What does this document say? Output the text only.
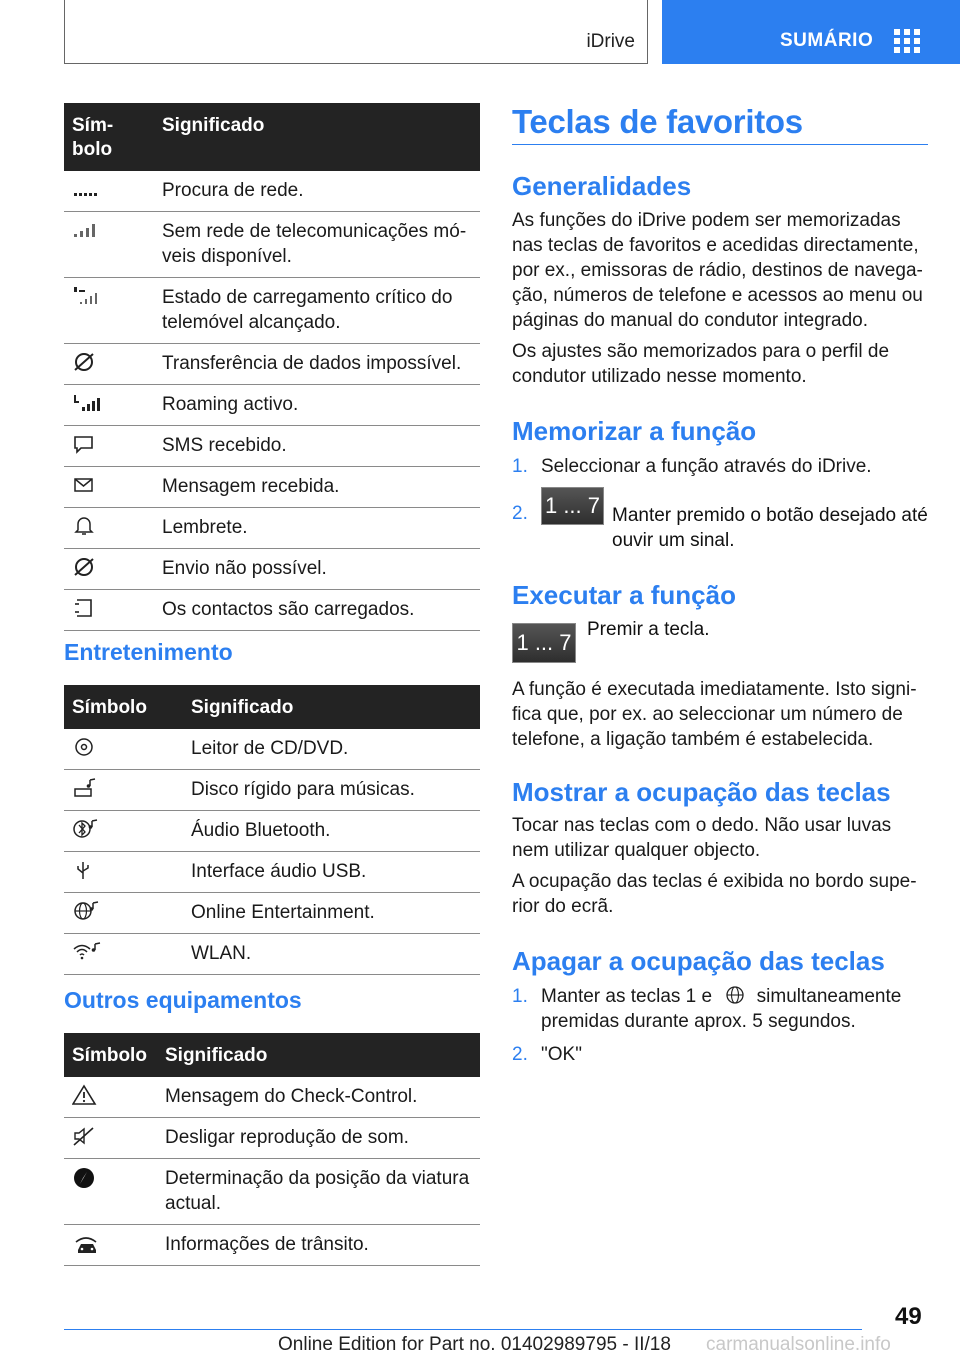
iDrive	SUMÁRIO
Sím-
bolo	Significado

	Procura de rede.

	Sem rede de telecomunicações mó-veis disponível.

	Estado de carregamento crítico do telemóvel alcançado.

	Transferência de dados impossível.

	Roaming activo.

	SMS recebido.

	Mensagem recebida.

	Lembrete.

	Envio não possível.

	Os contactos são carregados.
Entretenimento
Símbolo	Significado

	Leitor de CD/DVD.

	Disco rígido para músicas.

	Áudio Bluetooth.

	Interface áudio USB.

	Online Entertainment.

	WLAN.
Outros equipamentos
Símbolo	Significado

	Mensagem do Check-Control.

	Desligar reprodução de som.

	Determinação da posição da viatura actual.

	Informações de trânsito.
Teclas de favoritos
Generalidades

As funções do iDrive podem ser memorizadas nas teclas de favoritos e acedidas directamente, por ex., emissoras de rádio, destinos de navega-ção, números de telefone e acessos ao menu ou páginas do manual do condutor integrado.

Os ajustes são memorizados para o perfil de condutor utilizado nesse momento.

Memorizar a função

1. Seleccionar a função através do iDrive.

2. 1 ... 7 Manter premido o botão desejado até ouvir um sinal.
Executar a função
1 ... 7
Premir a tecla.

A função é executada imediatamente. Isto signi-fica que, por ex. ao seleccionar um número de telefone, a ligação também é estabelecida.

Mostrar a ocupação das teclas

Tocar nas teclas com o dedo. Não usar luvas nem utilizar qualquer objecto.

A ocupação das teclas é exibida no bordo supe-rior do ecrã.

Apagar a ocupação das teclas

1. Manter as teclas 1 e simultaneamente premidas durante aprox. 5 segundos.

2. "OK"

49
Online Edition for Part no. 01402989795 - II/18 carmanualsonline.info
